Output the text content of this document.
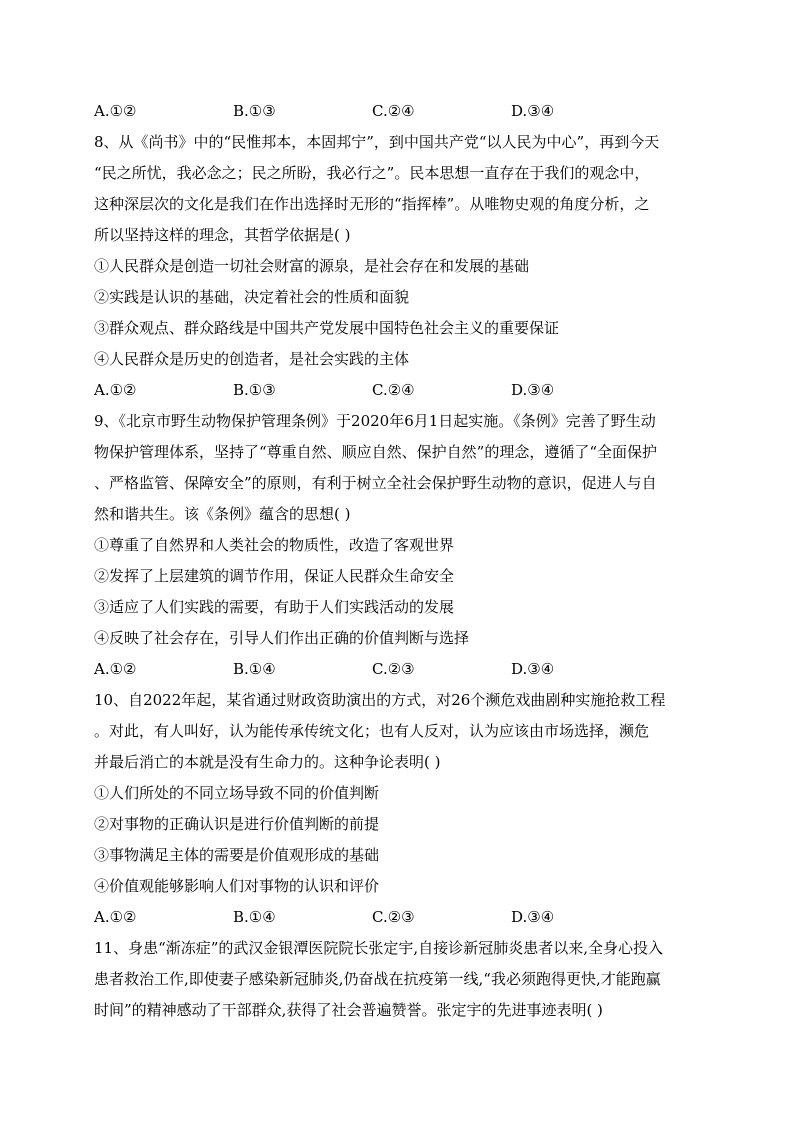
A.①②	B.①③	C.②④	D.③④
8、从《尚书》中的“民惟邦本，本固邦宁”，到中国共产党“以人民为中心”，再到今天
“民之所忧，我必念之；民之所盼，我必行之”。民本思想一直存在于我们的观念中，
这种深层次的文化是我们在作出选择时无形的“指挥棒”。从唯物史观的角度分析，之
所以坚持这样的理念，其哲学依据是( )
①人民群众是创造一切社会财富的源泉，是社会存在和发展的基础
②实践是认识的基础，决定着社会的性质和面貌
③群众观点、群众路线是中国共产党发展中国特色社会主义的重要保证
④人民群众是历史的创造者，是社会实践的主体
A.①②	B.①③	C.②④	D.③④
9、《北京市野生动物保护管理条例》于2020年6月1日起实施。《条例》完善了野生动
物保护管理体系，坚持了“尊重自然、顺应自然、保护自然”的理念，遵循了“全面保护
、严格监管、保障安全”的原则，有利于树立全社会保护野生动物的意识，促进人与自
然和谐共生。该《条例》蕴含的思想( )
①尊重了自然界和人类社会的物质性，改造了客观世界
②发挥了上层建筑的调节作用，保证人民群众生命安全
③适应了人们实践的需要，有助于人们实践活动的发展
④反映了社会存在，引导人们作出正确的价值判断与选择
A.①②	B.①④	C.②③	D.③④
10、自2022年起，某省通过财政资助演出的方式，对26个濒危戏曲剧种实施抢救工程
。对此，有人叫好，认为能传承传统文化；也有人反对，认为应该由市场选择，濒危
并最后消亡的本就是没有生命力的。这种争论表明( )
①人们所处的不同立场导致不同的价值判断
②对事物的正确认识是进行价值判断的前提
③事物满足主体的需要是价值观形成的基础
④价值观能够影响人们对事物的认识和评价
A.①②	B.①④	C.②③	D.③④
11、身患“渐冻症”的武汉金银潭医院院长张定宇,自接诊新冠肺炎患者以来,全身心投入
患者救治工作,即使妻子感染新冠肺炎,仍奋战在抗疫第一线,“我必须跑得更快,才能跑赢
时间”的精神感动了干部群众,获得了社会普遍赞誉。张定宇的先进事迹表明( )
